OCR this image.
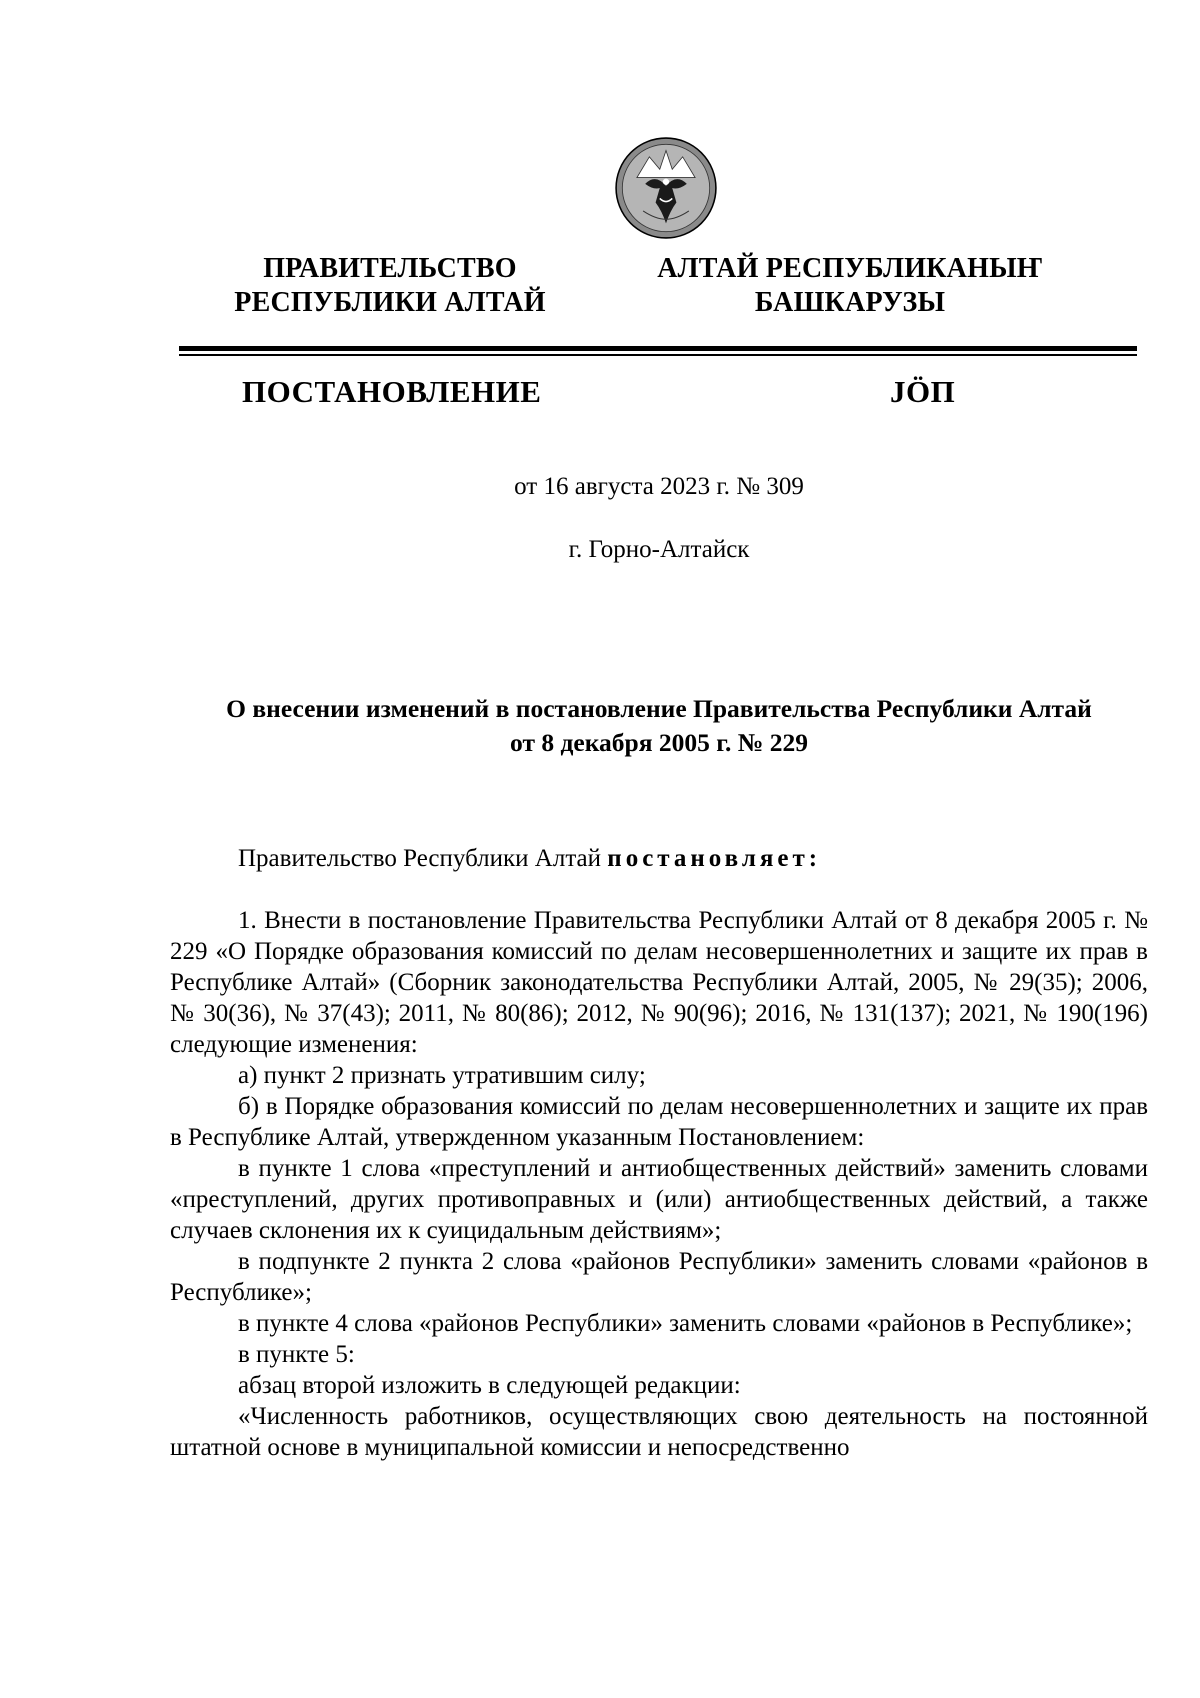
ПРАВИТЕЛЬСТВО
РЕСПУБЛИКИ АЛТАЙ
АЛТАЙ РЕСПУБЛИКАНЫҤ
БАШКАРУЗЫ
ПОСТАНОВЛЕНИЕ	JӦП
от 16 августа 2023 г. № 309
г. Горно-Алтайск
О внесении изменений в постановление Правительства Республики Алтай
от 8 декабря 2005 г. № 229

Правительство Республики Алтай постановляет:

1. Внести в постановление Правительства Республики Алтай от 8 декабря 2005 г. № 229 «О Порядке образования комиссий по делам несовершеннолетних и защите их прав в Республике Алтай» (Сборник законодательства Республики Алтай, 2005, № 29(35); 2006, № 30(36), № 37(43); 2011, № 80(86); 2012, № 90(96); 2016, № 131(137); 2021, № 190(196) следующие изменения:

а) пункт 2 признать утратившим силу;

б) в Порядке образования комиссий по делам несовершеннолетних и защите их прав в Республике Алтай, утвержденном указанным Постановлением:

в пункте 1 слова «преступлений и антиобщественных действий» заменить словами «преступлений, других противоправных и (или) антиобщественных действий, а также случаев склонения их к суицидальным действиям»;

в подпункте 2 пункта 2 слова «районов Республики» заменить словами «районов в Республике»;

в пункте 4 слова «районов Республики» заменить словами «районов в Республике»;

в пункте 5:

абзац второй изложить в следующей редакции:

«Численность работников, осуществляющих свою деятельность на постоянной штатной основе в муниципальной комиссии и непосредственно
